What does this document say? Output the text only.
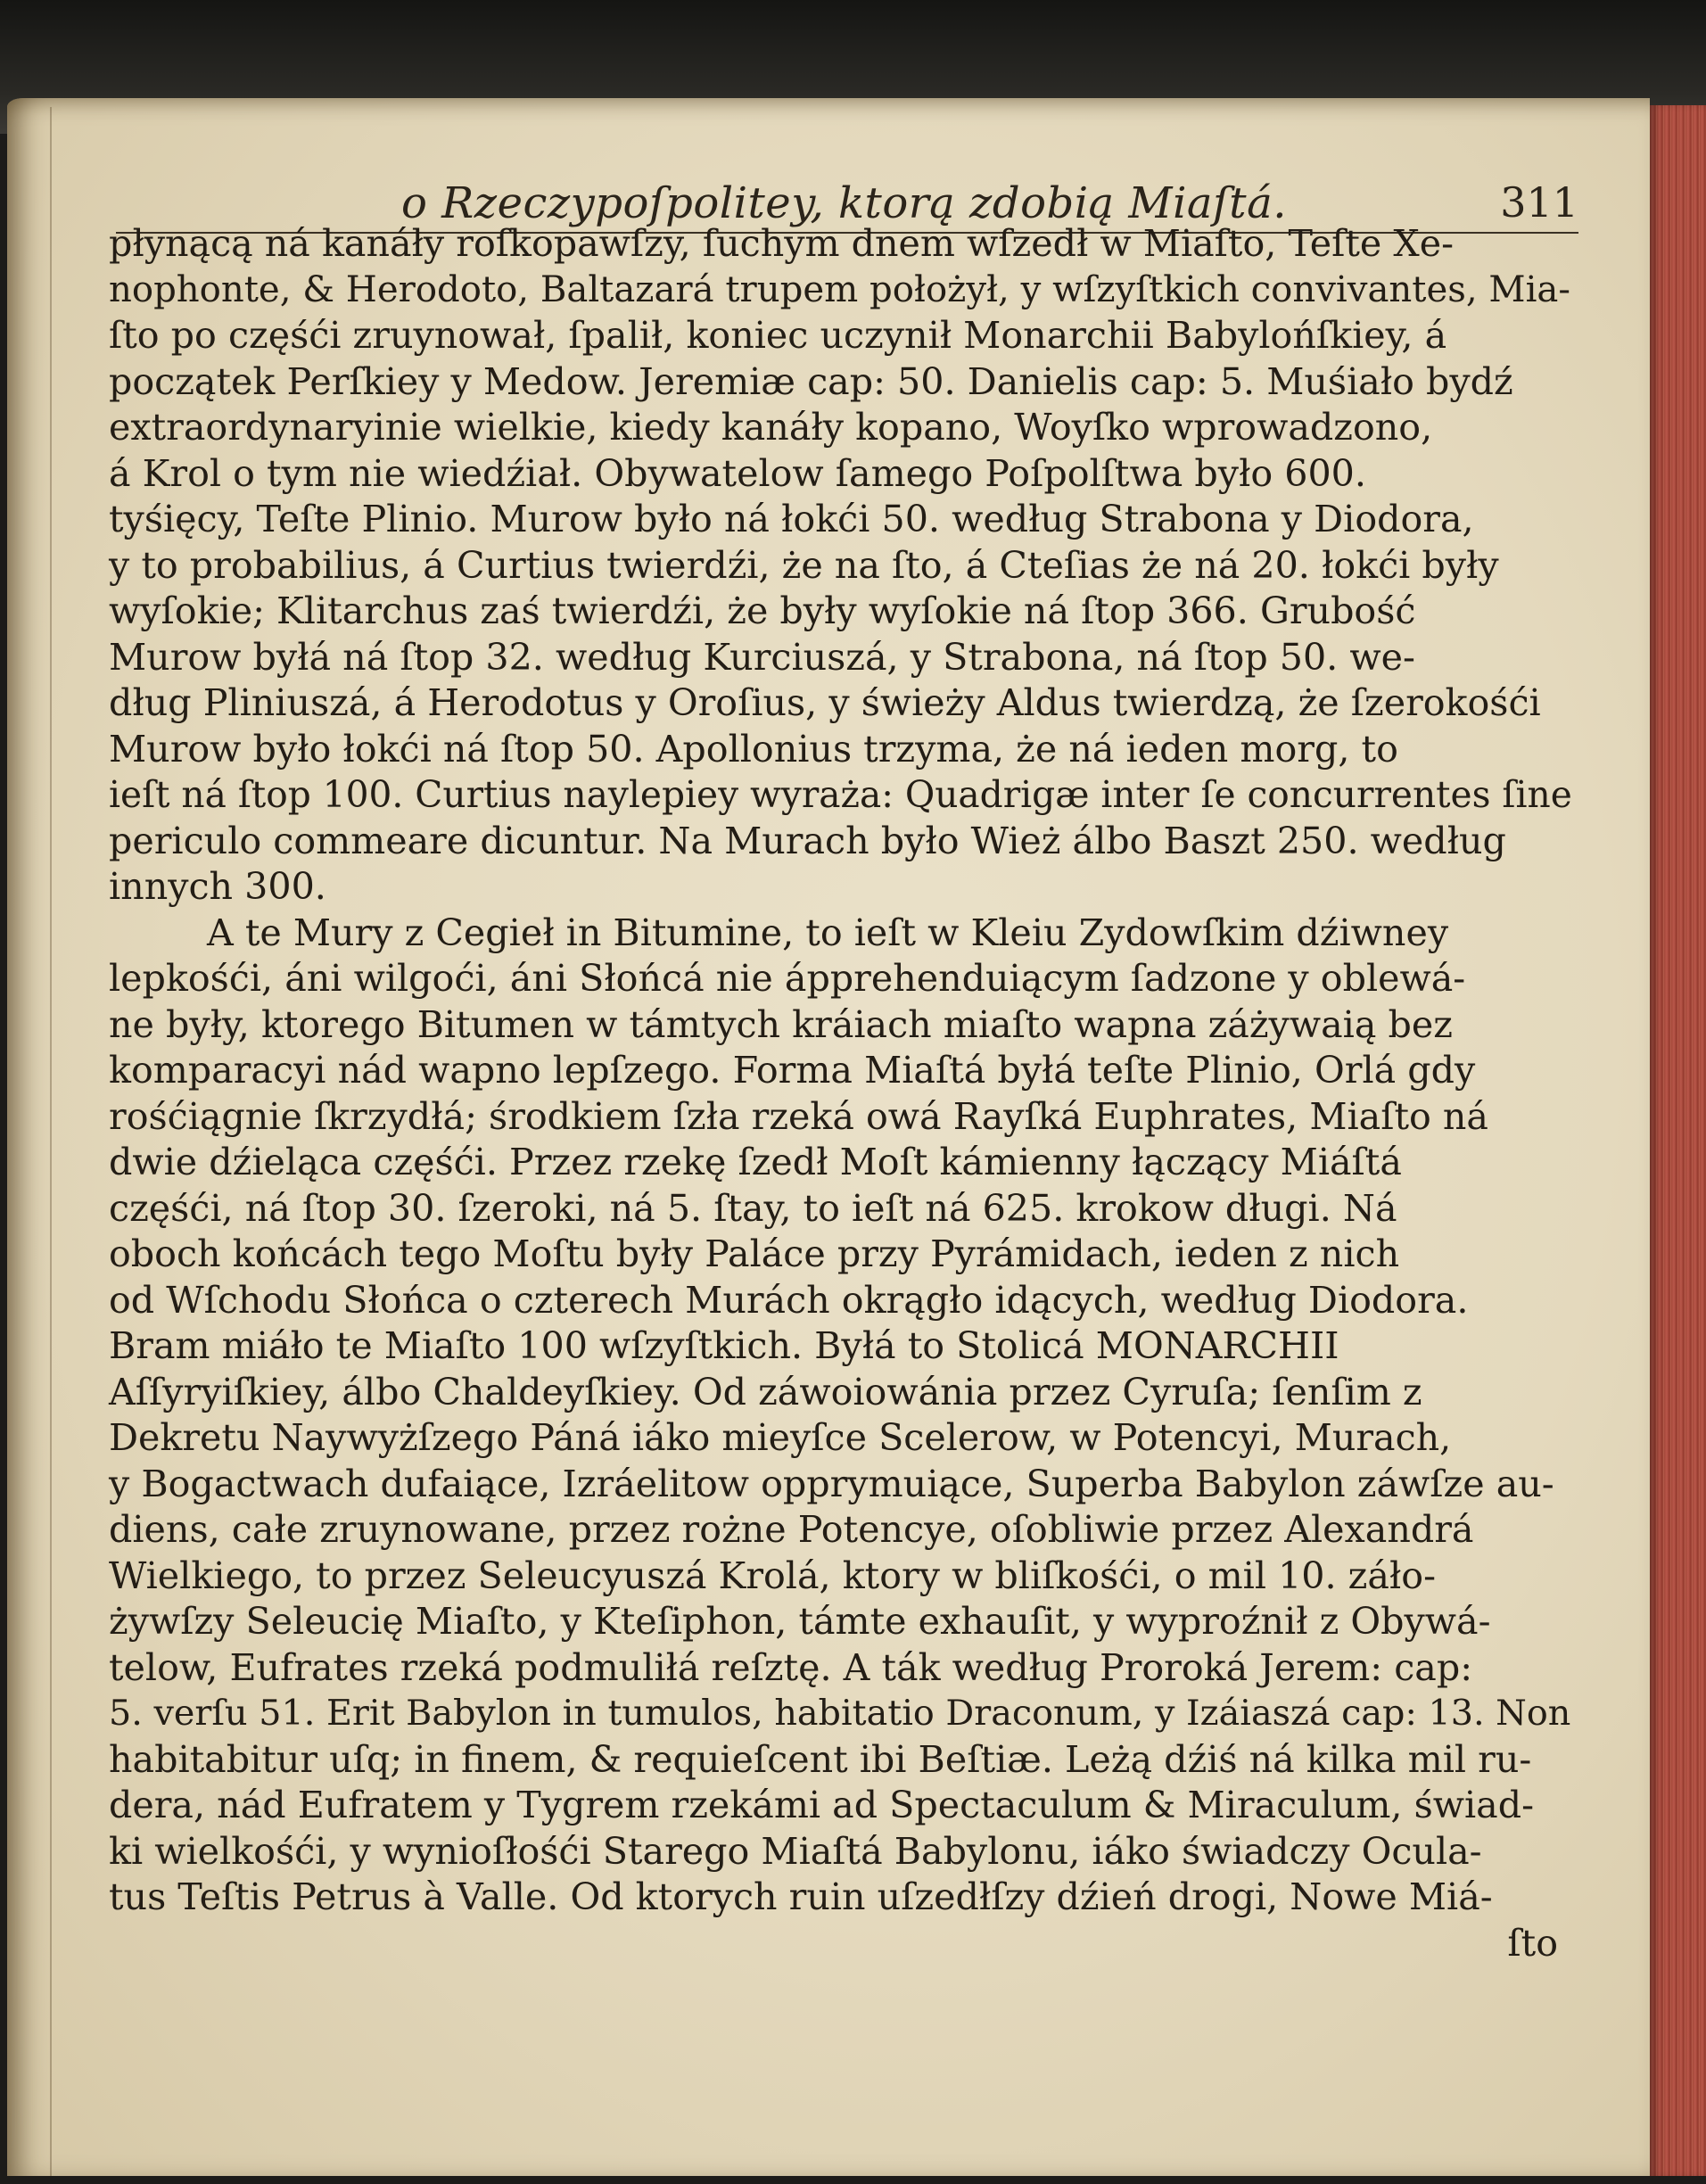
o Rzeczypoſpolitey, ktorą zdobią Miaſtá.	311
płynącą ná kanáły roſkopawſzy, ſuchym dnem wſzedł w Miaſto, Teſte Xe-
nophonte, & Herodoto, Baltazará trupem położył, y wſzyſtkich convivantes, Mia-
ſto po częśći zruynował, ſpalił, koniec uczynił Monarchii Babylońſkiey, á
początek Perſkiey y Medow. Jeremiæ cap: 50. Danielis cap: 5. Muśiało bydź
extraordynaryinie wielkie, kiedy kanáły kopano, Woyſko wprowadzono,
á Krol o tym nie wiedźiał. Obywatelow ſamego Poſpolſtwa było 600.
tyśięcy, Teſte Plinio. Murow było ná łokći 50. według Strabona y Diodora,
y to probabilius, á Curtius twierdźi, że na ſto, á Cteſias że ná 20. łokći były
wyſokie; Klitarchus zaś twierdźi, że były wyſokie ná ſtop 366. Grubość
Murow byłá ná ſtop 32. według Kurciuszá, y Strabona, ná ſtop 50. we-
dług Pliniuszá, á Herodotus y Oroſius, y świeży Aldus twierdzą, że ſzerokośći
Murow było łokći ná ſtop 50. Apollonius trzyma, że ná ieden morg, to
ieſt ná ſtop 100. Curtius naylepiey wyraża: Quadrigæ inter ſe concurrentes ſine
periculo commeare dicuntur. Na Murach było Wież álbo Baszt 250. według
innych 300.
A te Mury z Cegieł in Bitumine, to ieſt w Kleiu Zydowſkim dźiwney
lepkośći, áni wilgoći, áni Słońcá nie ápprehenduiącym ſadzone y oblewá-
ne były, ktorego Bitumen w támtych kráiach miaſto wapna záżywaią bez
komparacyi nád wapno lepſzego. Forma Miaſtá byłá teſte Plinio, Orlá gdy
rośćiągnie ſkrzydłá; środkiem ſzła rzeká owá Rayſká Euphrates, Miaſto ná
dwie dźieląca częśći. Przez rzekę ſzedł Moſt kámienny łączący Miáſtá
częśći, ná ſtop 30. ſzeroki, ná 5. ſtay, to ieſt ná 625. krokow długi. Ná
oboch końcách tego Moſtu były Paláce przy Pyrámidach, ieden z nich
od Wſchodu Słońca o czterech Murách okrągło idących, według Diodora.
Bram miáło te Miaſto 100 wſzyſtkich. Byłá to Stolicá MONARCHII
Aſſyryiſkiey, álbo Chaldeyſkiey. Od záwoiowánia przez Cyruſa; ſenſim z
Dekretu Naywyżſzego Páná iáko mieyſce Scelerow, w Potencyi, Murach,
y Bogactwach dufaiące, Izráelitow opprymuiące, Superba Babylon záwſze au-
diens, całe zruynowane, przez rożne Potencye, oſobliwie przez Alexandrá
Wielkiego, to przez Seleucyuszá Krolá, ktory w bliſkośći, o mil 10. záło-
żywſzy Seleucię Miaſto, y Kteſiphon, támte exhauſit, y wyproźnił z Obywá-
telow, Eufrates rzeká podmuliłá reſztę. A ták według Proroká Jerem: cap:
5. verſu 51. Erit Babylon in tumulos, habitatio Draconum, y Izáiaszá cap: 13. Non
habitabitur uſq; in finem, & requieſcent ibi Beſtiæ. Leżą dźiś ná kilka mil ru-
dera, nád Eufratem y Tygrem rzekámi ad Spectaculum & Miraculum, świad-
ki wielkośći, y wynioſłośći Starego Miaſtá Babylonu, iáko świadczy Ocula-
tus Teſtis Petrus à Valle. Od ktorych ruin uſzedłſzy dźień drogi, Nowe Miá-
ſto
